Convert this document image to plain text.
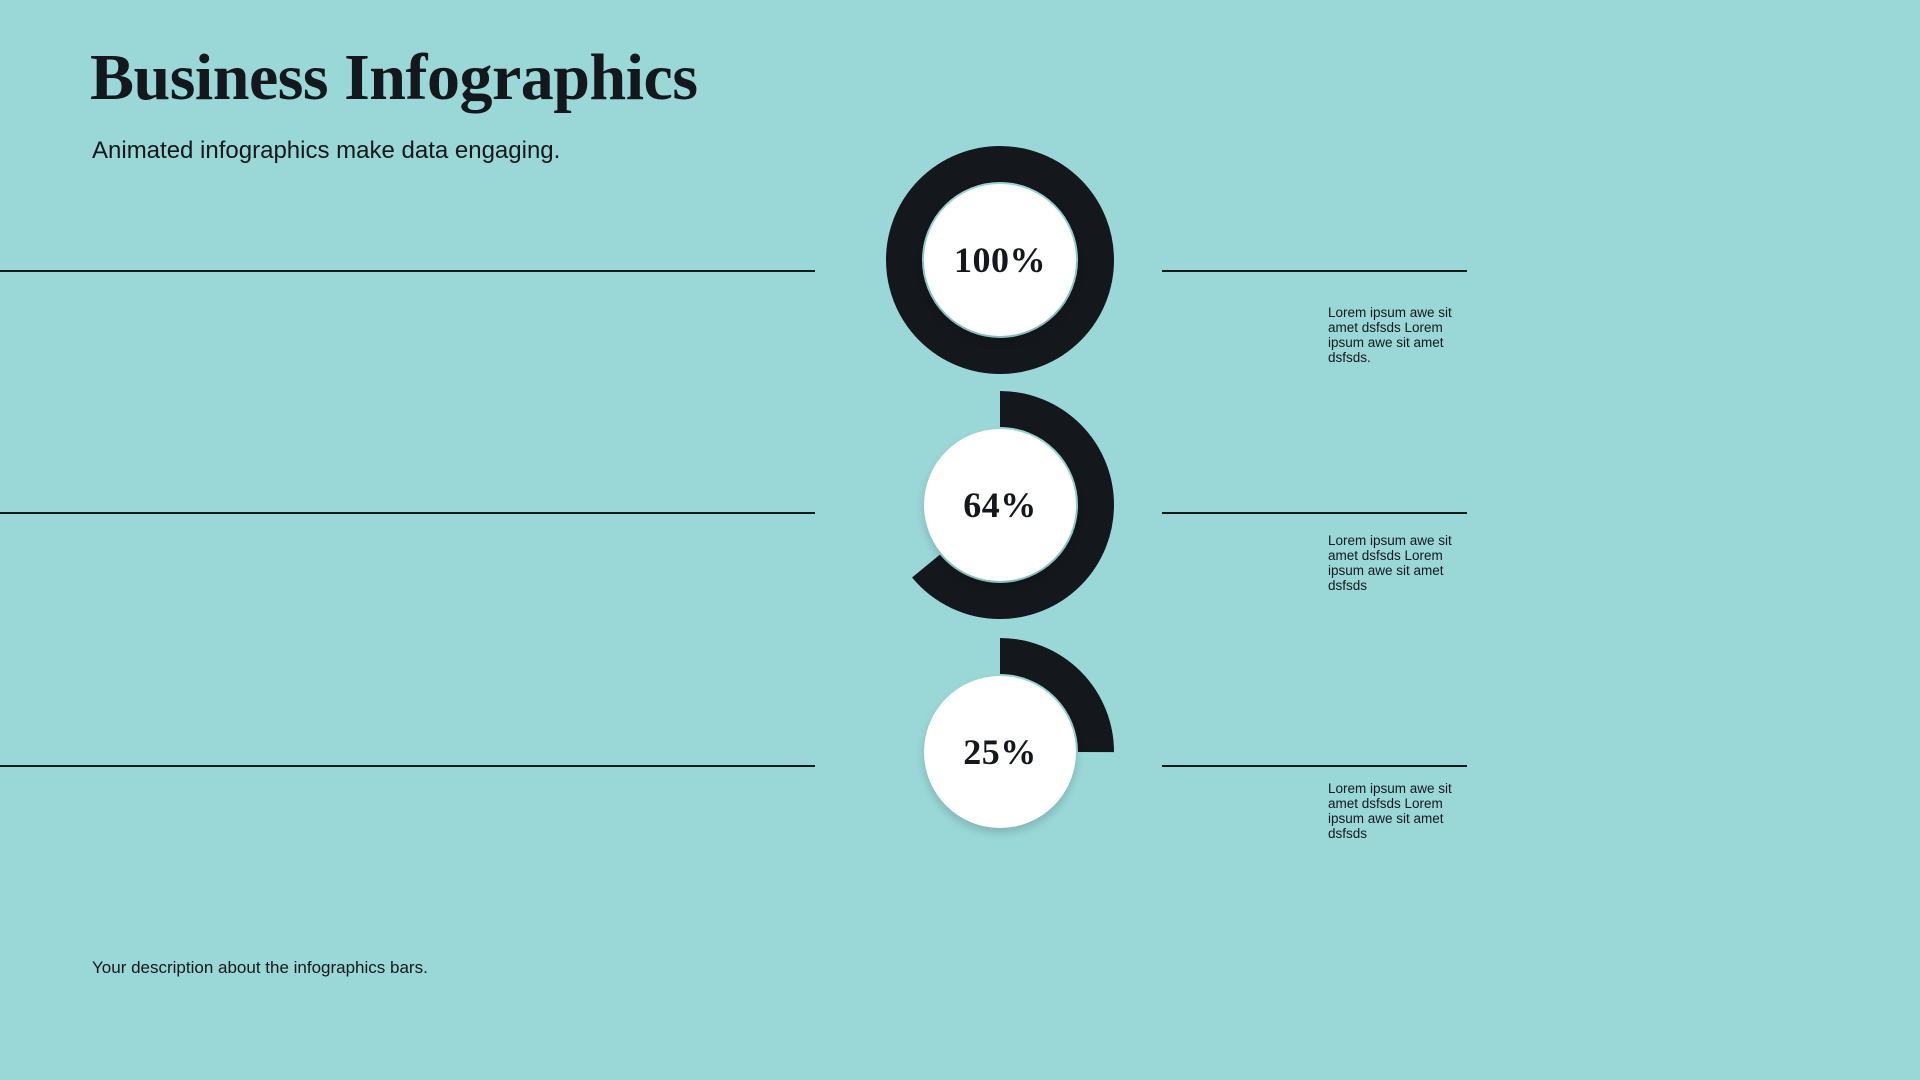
Business Infographics
Animated infographics make data engaging.
Lorem ipsum awe sit amet dsfsds Lorem ipsum awe sit amet dsfsds.
Lorem ipsum awe sit amet dsfsds Lorem ipsum awe sit amet dsfsds
Lorem ipsum awe sit amet dsfsds Lorem ipsum awe sit amet dsfsds
100%
64%
25%
Your description about the infographics bars.
